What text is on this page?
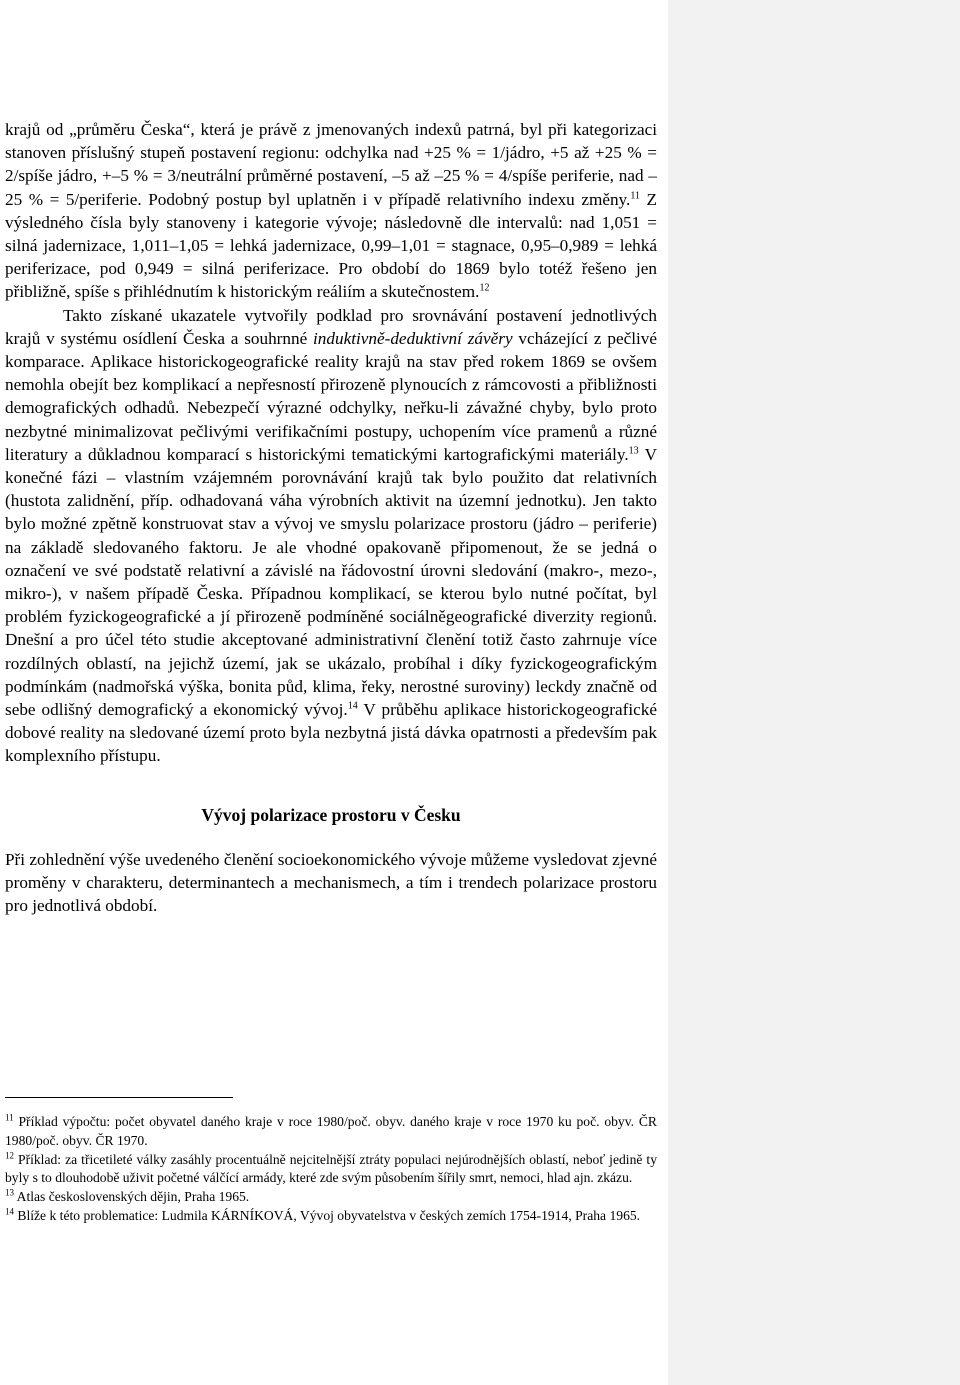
krajů od „průměru Česka“, která je právě z jmenovaných indexů patrná, byl při kategorizaci stanoven příslušný stupeň postavení regionu: odchylka nad +25 % = 1/jádro, +5 až +25 % = 2/spíše jádro, +–5 % = 3/neutrální průměrné postavení, –5 až –25 % = 4/spíše periferie, nad –25 % = 5/periferie. Podobný postup byl uplatněn i v případě relativního indexu změny.$^{11}$ Z výsledného čísla byly stanoveny i kategorie vývoje; následovně dle intervalů: nad 1,051 = silná jadernizace, 1,011–1,05 = lehká jadernizace, 0,99–1,01 = stagnace, 0,95–0,989 = lehká periferizace, pod 0,949 = silná periferizace. Pro období do 1869 bylo totéž řešeno jen přibližně, spíše s přihlédnutím k historickým reáliím a skutečnostem.$^{12}$

Takto získané ukazatele vytvořily podklad pro srovnávání postavení jednotlivých krajů v systému osídlení Česka a souhrnné induktivně-deduktivní závěry vcházející z pečlivé komparace. Aplikace historickogeografické reality krajů na stav před rokem 1869 se ovšem nemohla obejít bez komplikací a nepřesností přirozeně plynoucích z rámcovosti a přibližnosti demografických odhadů. Nebezpečí výrazné odchylky, neřku-li závažné chyby, bylo proto nezbytné minimalizovat pečlivými verifikačními postupy, uchopením více pramenů a různé literatury a důkladnou komparací s historickými tematickými kartografickými materiály.$^{13}$ V konečné fázi – vlastním vzájemném porovnávání krajů tak bylo použito dat relativních (hustota zalidnění, příp. odhadovaná váha výrobních aktivit na územní jednotku). Jen takto bylo možné zpětně konstruovat stav a vývoj ve smyslu polarizace prostoru (jádro – periferie) na základě sledovaného faktoru. Je ale vhodné opakovaně připomenout, že se jedná o označení ve své podstatě relativní a závislé na řádovostní úrovni sledování (makro-, mezo-, mikro-), v našem případě Česka. Případnou komplikací, se kterou bylo nutné počítat, byl problém fyzickogeografické a jí přirozeně podmíněné sociálněgeografické diverzity regionů. Dnešní a pro účel této studie akceptované administrativní členění totiž často zahrnuje více rozdílných oblastí, na jejichž území, jak se ukázalo, probíhal i díky fyzickogeografickým podmínkám (nadmořská výška, bonita půd, klima, řeky, nerostné suroviny) leckdy značně od sebe odlišný demografický a ekonomický vývoj.$^{14}$ V průběhu aplikace historickogeografické dobové reality na sledované území proto byla nezbytná jistá dávka opatrnosti a především pak komplexního přístupu.

Vývoj polarizace prostoru v Česku

Při zohlednění výše uvedeného členění socioekonomického vývoje můžeme vysledovat zjevné proměny v charakteru, determinantech a mechanismech, a tím i trendech polarizace prostoru pro jednotlivá období.

$^{11}$ Příklad výpočtu: počet obyvatel daného kraje v roce 1980/poč. obyv. daného kraje v roce 1970 ku poč. obyv. ČR 1980/poč. obyv. ČR 1970.

$^{12}$ Příklad: za třicetileté války zasáhly procentuálně nejcitelnější ztráty populaci nejúrodnějších oblastí, neboť jedině ty byly s to dlouhodobě uživit početné válčící armády, které zde svým působením šířily smrt, nemoci, hlad ajn. zkázu.

$^{13}$ Atlas československých dějin, Praha 1965.

$^{14}$ Blíže k této problematice: Ludmila KÁRNÍKOVÁ, Vývoj obyvatelstva v českých zemích 1754-1914, Praha 1965.
